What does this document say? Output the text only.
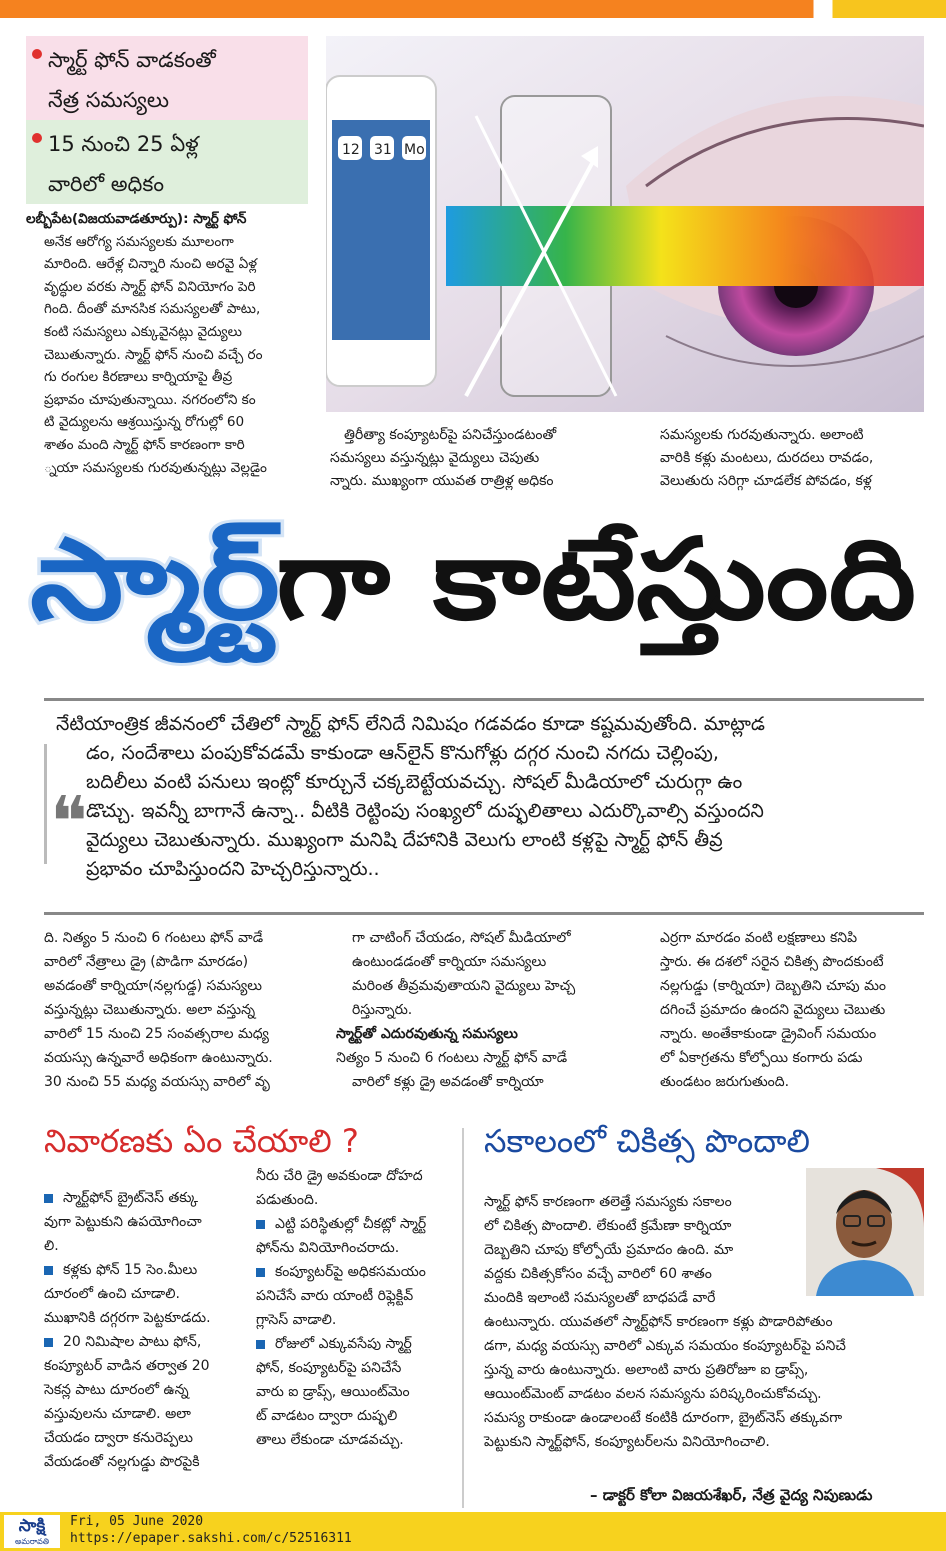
స్మార్ట్ ఫోన్ వాడకంతో
నేత్ర సమస్యలు
15 నుంచి 25 ఏళ్ల
వారిలో అధికం

లబ్బీపేట(విజయవాడతూర్పు): స్మార్ట్ ఫోన్

అనేక ఆరోగ్య సమస్యలకు మూలంగా

మారింది. ఆరేళ్ల చిన్నారి నుంచి అరవై ఏళ్ల

వృద్ధుల వరకు స్మార్ట్ ఫోన్ వినియోగం పెరి

గింది. దీంతో మానసిక సమస్యలతో పాటు,

కంటి సమస్యలు ఎక్కువైనట్లు వైద్యులు

చెబుతున్నారు. స్మార్ట్ ఫోన్ నుంచి వచ్చే రం

గు రంగుల కిరణాలు కార్నియాపై తీవ్ర

ప్రభావం చూపుతున్నాయి. నగరంలోని కం

టి వైద్యులను ఆశ్రయిస్తున్న రోగుల్లో 60

శాతం మంది స్మార్ట్ ఫోన్ కారణంగా కారి

్నయా సమస్యలకు గురవుతున్నట్లు వెల్లడైం

12 31 Mo

త్తిరీత్యా కంప్యూటర్‌పై పనిచేస్తుండటంతో

సమస్యలు వస్తున్నట్లు వైద్యులు చెపుతు

న్నారు. ముఖ్యంగా యువత రాత్రిళ్ల అధికం

సమస్యలకు గురవుతున్నారు. అలాంటి

వారికి కళ్లు మంటలు, దురదలు రావడం,

వెలుతురు సరిగ్గా చూడలేక పోవడం, కళ్ల

స్మార్ట్‌ గా కాటేస్తుంది
❝
నేటియాంత్రిక జీవనంలో చేతిలో స్మార్ట్ ఫోన్ లేనిదే నిమిషం గడవడం కూడా కష్టమవుతోంది. మాట్లాడ
డం, సందేశాలు పంపుకోవడమే కాకుండా ఆన్‌లైన్ కొనుగోళ్లు దగ్గర నుంచి నగదు చెల్లింపు,
బదిలీలు వంటి పనులు ఇంట్లో కూర్చునే చక్కబెట్టేయవచ్చు. సోషల్ మీడియాలో చురుగ్గా ఉం
డొచ్చు. ఇవన్నీ బాగానే ఉన్నా.. వీటికి రెట్టింపు సంఖ్యలో దుష్ఫలితాలు ఎదుర్కొవాల్సి వస్తుందని
వైద్యులు చెబుతున్నారు. ముఖ్యంగా మనిషి దేహానికి వెలుగు లాంటి కళ్లపై స్మార్ట్ ఫోన్ తీవ్ర
ప్రభావం చూపిస్తుందని హెచ్చరిస్తున్నారు..

ది. నిత్యం 5 నుంచి 6 గంటలు ఫోన్ వాడే

వారిలో నేత్రాలు డ్రై (పొడిగా మారడం)

అవడంతో కార్నియా(నల్లగుడ్డ) సమస్యలు

వస్తున్నట్లు చెబుతున్నారు. అలా వస్తున్న

వారిలో 15 నుంచి 25 సంవత్సరాల మధ్య

వయస్సు ఉన్నవారే అధికంగా ఉంటున్నారు.

30 నుంచి 55 మధ్య వయస్సు వారిలో వృ

గా చాటింగ్ చేయడం, సోషల్ మీడియాలో

ఉంటుండడంతో కార్నియా సమస్యలు

మరింత తీవ్రమవుతాయని వైద్యులు హెచ్చ

రిస్తున్నారు.

స్మార్ట్‌తో ఎదురవుతున్న సమస్యలు

నిత్యం 5 నుంచి 6 గంటలు స్మార్ట్ ఫోన్ వాడే

వారిలో కళ్లు డ్రై అవడంతో కార్నియా

ఎర్రగా మారడం వంటి లక్షణాలు కనిపి

స్తారు. ఈ దశలో సరైన చికిత్స పొందకుంటే

నల్లగుడ్డు (కార్నియా) దెబ్బతిని చూపు మం

దగించే ప్రమాదం ఉందని వైద్యులు చెబుతు

న్నారు. అంతేకాకుండా డ్రైవింగ్ సమయం

లో ఏకాగ్రతను కోల్పోయి కంగారు పడు

తుండటం జరుగుతుంది.

నివారణకు ఏం చేయాలి ?	సకాలంలో చికిత్స పొందాలి

స్మార్ట్‌ఫోన్ బ్రైట్‌నెస్ తక్కు

వుగా పెట్టుకుని ఉపయోగించా

లి.

కళ్లకు ఫోన్ 15 సెం.మీలు

దూరంలో ఉంచి చూడాలి.

ముఖానికి దగ్గరగా పెట్టకూడదు.

20 నిమిషాల పాటు ఫోన్,

కంప్యూటర్ వాడిన తర్వాత 20

సెకన్ల పాటు దూరంలో ఉన్న

వస్తువులను చూడాలి. అలా

చేయడం ద్వారా కనురెప్పలు

వేయడంతో నల్లగుడ్డు పొరపైకి

నీరు చేరి డ్రై అవకుండా దోహద

పడుతుంది.

ఎట్టి పరిస్థితుల్లో చీకట్లో స్మార్ట్

ఫోన్‌ను వినియోగించరాదు.

కంప్యూటర్‌పై అధికసమయం

పనిచేసే వారు యాంటీ రిఫ్లెక్టివ్

గ్లాసెస్ వాడాలి.

రోజులో ఎక్కువసేపు స్మార్ట్

ఫోన్, కంప్యూటర్‌పై పనిచేసే

వారు ఐ డ్రాప్స్, ఆయింట్‌మెం

ట్ వాడటం ద్వారా దుష్ఫలి

తాలు లేకుండా చూడవచ్చు.

స్మార్ట్ ఫోన్ కారణంగా తలెత్తే సమస్యకు సకాలం

లో చికిత్స పొందాలి. లేకుంటే క్రమేణా కార్నియా

దెబ్బతిని చూపు కోల్పోయే ప్రమాదం ఉంది. మా

వద్దకు చికిత్సకోసం వచ్చే వారిలో 60 శాతం

మందికి ఇలాంటి సమస్యలతో బాధపడే వారే

ఉంటున్నారు. యువతలో స్మార్ట్‌ఫోన్ కారణంగా కళ్లు పొడారిపోతుం

డగా, మధ్య వయస్సు వారిలో ఎక్కువ సమయం కంప్యూటర్‌పై పనిచే

స్తున్న వారు ఉంటున్నారు. అలాంటి వారు ప్రతిరోజూ ఐ డ్రాప్స్,

ఆయింట్‌మెంట్ వాడటం వలన సమస్యను పరిష్కరించుకోవచ్చు.

సమస్య రాకుండా ఉండాలంటే కంటికి దూరంగా, బ్రైట్‌నెస్ తక్కువగా

పెట్టుకుని స్మార్ట్‌ఫోన్, కంప్యూటర్‌లను వినియోగించాలి.

– డాక్టర్ కోలా విజయశేఖర్, నేత్ర వైద్య నిపుణుడు
సాక్షి
అమరావతి
Fri, 05 June 2020
https://epaper.sakshi.com/c/52516311
